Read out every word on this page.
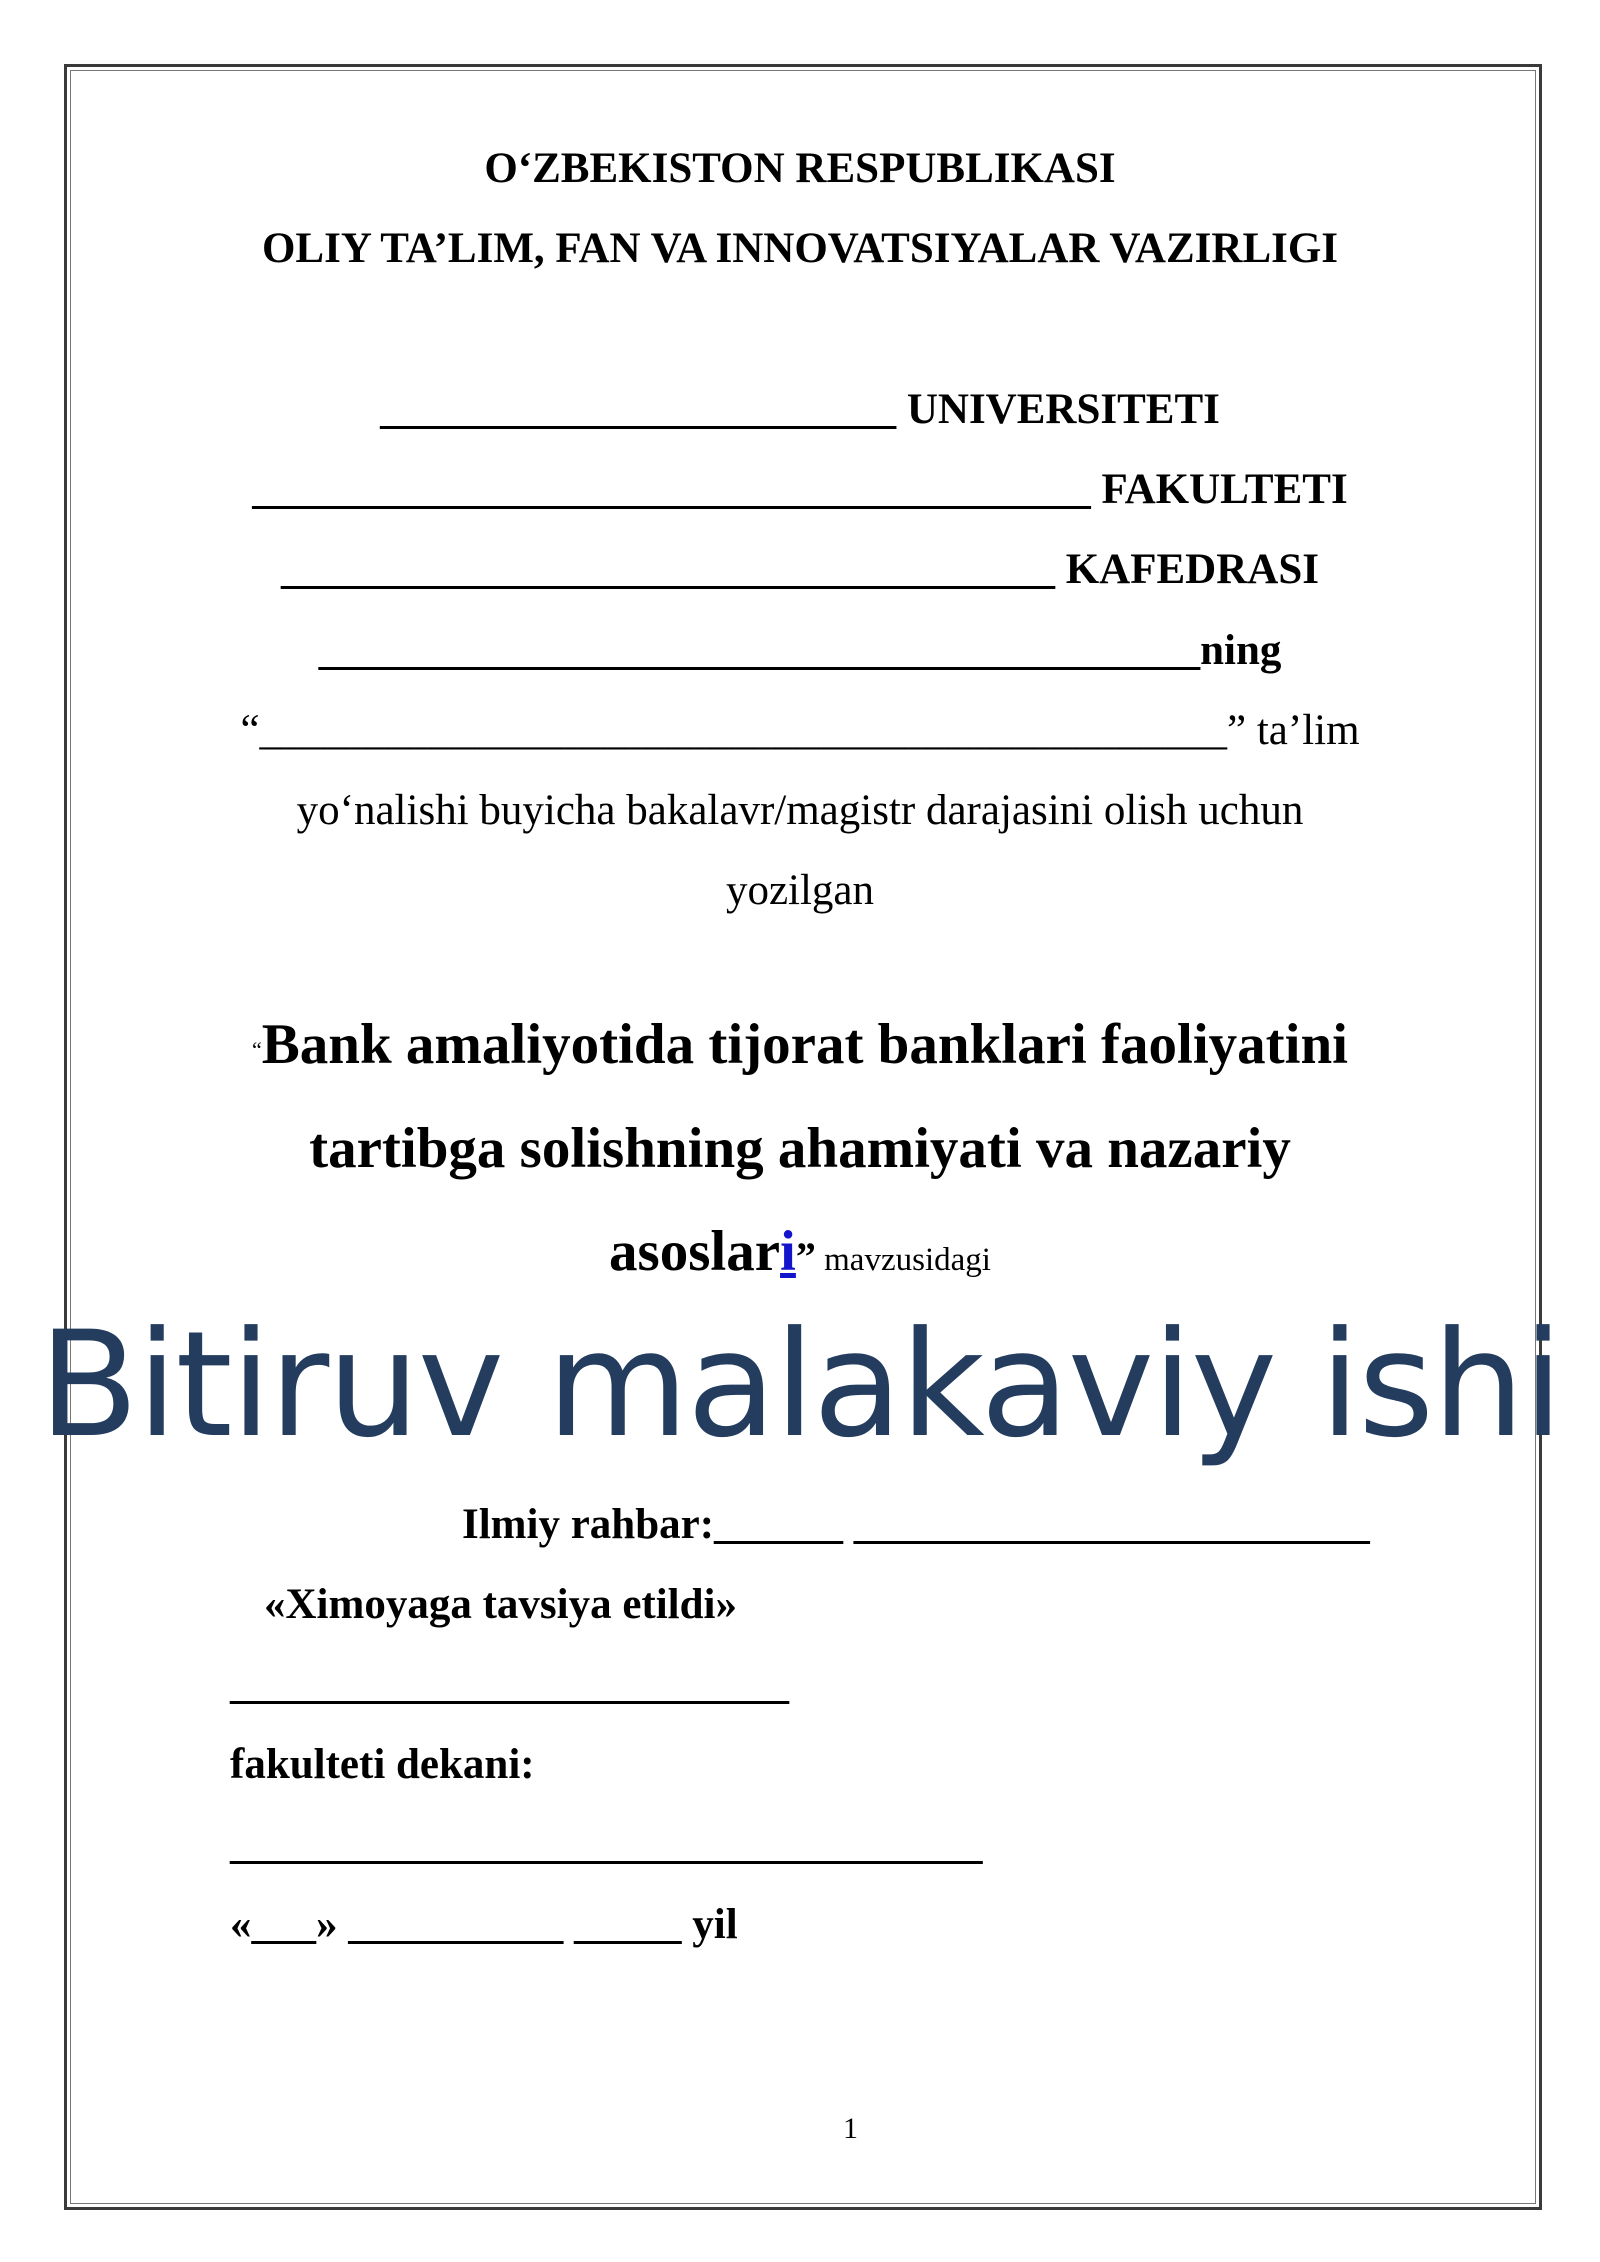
O‘ZBEKISTON RESPUBLIKASI
OLIY TA’LIM, FAN VA INNOVATSIYALAR VAZIRLIGI
________________________ UNIVERSITETI
_______________________________________ FAKULTETI
____________________________________ KAFEDRASI
_________________________________________ning
“_____________________________________________” ta’lim
yo‘nalishi buyicha bakalavr/magistr darajasini olish uchun
yozilgan
“Bank amaliyotida tijorat banklari faoliyatini
tartibga solishning ahamiyati va nazariy
asoslari” mavzusidagi
Bitiruv malakaviy ishi
Ilmiy rahbar:______ ________________________
«Ximoyaga tavsiya etildi»
__________________________
fakulteti dekani:
___________________________________
«___» __________ _____ yil
1
